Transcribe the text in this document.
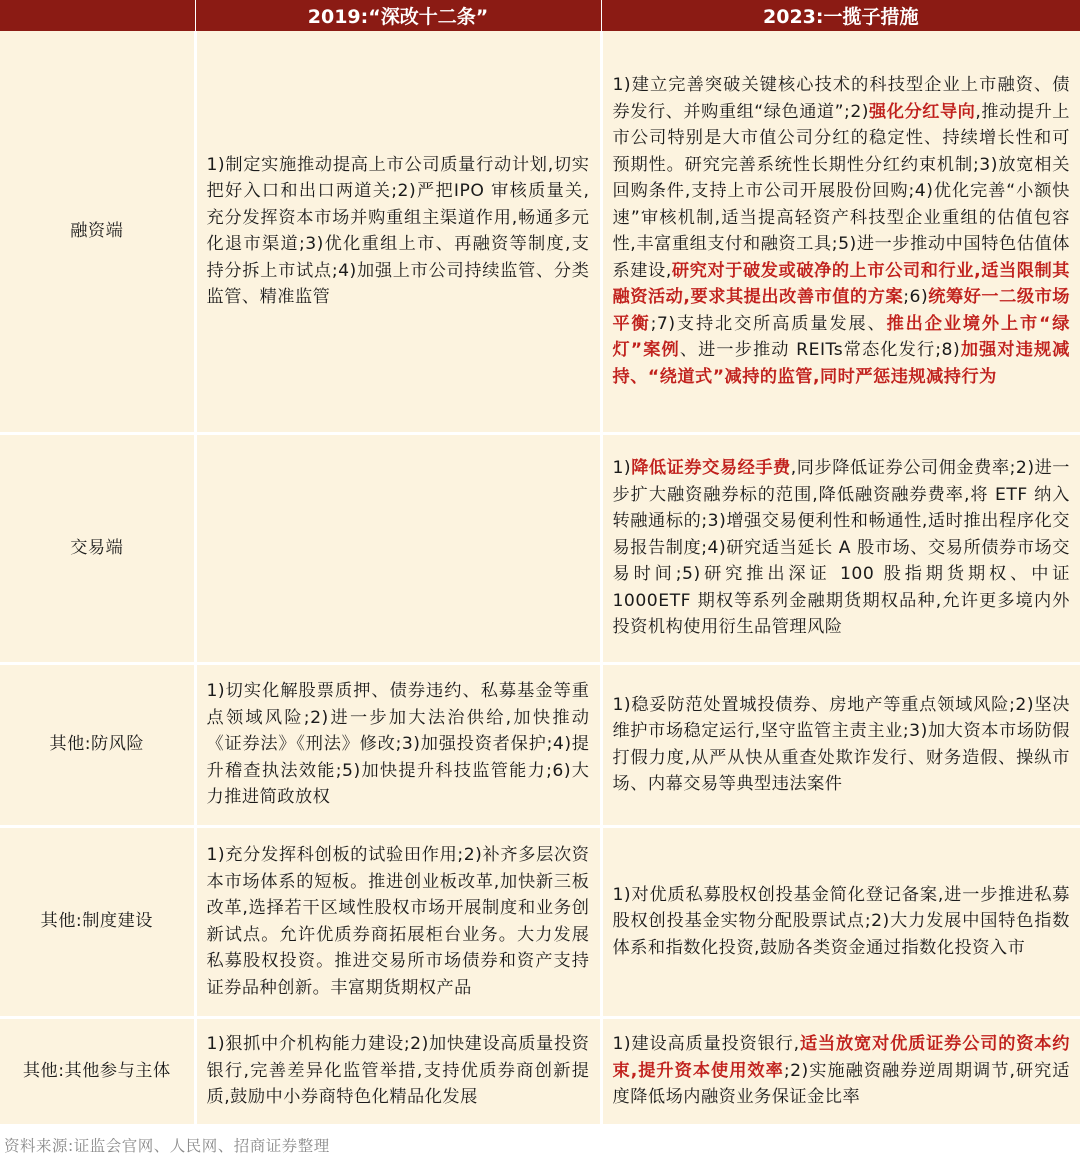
	2019:“深改十二条”	2023:一揽子措施
融资端	1)制定实施推动提高上市公司质量行动计划,切实把好入口和出口两道关;2)严把IPO 审核质量关,充分发挥资本市场并购重组主渠道作用,畅通多元化退市渠道;3)优化重组上市、再融资等制度,支持分拆上市试点;4)加强上市公司持续监管、分类监管、精准监管	1)建立完善突破关键核心技术的科技型企业上市融资、债券发行、并购重组“绿色通道”;2)强化分红导向,推动提升上市公司特别是大市值公司分红的稳定性、持续增长性和可预期性。研究完善系统性长期性分红约束机制;3)放宽相关回购条件,支持上市公司开展股份回购;4)优化完善“小额快速”审核机制,适当提高轻资产科技型企业重组的估值包容性,丰富重组支付和融资工具;5)进一步推动中国特色估值体系建设,研究对于破发或破净的上市公司和行业,适当限制其融资活动,要求其提出改善市值的方案;6)统筹好一二级市场平衡;7)支持北交所高质量发展、推出企业境外上市“绿灯”案例、进一步推动 REITs常态化发行;8)加强对违规减持、“绕道式”减持的监管,同时严惩违规减持行为
交易端		1)降低证券交易经手费,同步降低证券公司佣金费率;2)进一步扩大融资融券标的范围,降低融资融券费率,将 ETF 纳入转融通标的;3)增强交易便利性和畅通性,适时推出程序化交易报告制度;4)研究适当延长 A 股市场、交易所债券市场交易时间;5)研究推出深证 100 股指期货期权、中证 1000ETF 期权等系列金融期货期权品种,允许更多境内外投资机构使用衍生品管理风险
其他:防风险	1)切实化解股票质押、债券违约、私募基金等重点领域风险;2)进一步加大法治供给,加快推动《证券法》《刑法》修改;3)加强投资者保护;4)提升稽查执法效能;5)加快提升科技监管能力;6)大力推进简政放权	1)稳妥防范处置城投债券、房地产等重点领域风险;2)坚决维护市场稳定运行,坚守监管主责主业;3)加大资本市场防假打假力度,从严从快从重查处欺诈发行、财务造假、操纵市场、内幕交易等典型违法案件
其他:制度建设	1)充分发挥科创板的试验田作用;2)补齐多层次资本市场体系的短板。推进创业板改革,加快新三板改革,选择若干区域性股权市场开展制度和业务创新试点。允许优质券商拓展柜台业务。大力发展私募股权投资。推进交易所市场债券和资产支持证券品种创新。丰富期货期权产品	1)对优质私募股权创投基金简化登记备案,进一步推进私募股权创投基金实物分配股票试点;2)大力发展中国特色指数体系和指数化投资,鼓励各类资金通过指数化投资入市
其他:其他参与主体	1)狠抓中介机构能力建设;2)加快建设高质量投资银行,完善差异化监管举措,支持优质券商创新提质,鼓励中小券商特色化精品化发展	1)建设高质量投资银行,适当放宽对优质证券公司的资本约束,提升资本使用效率;2)实施融资融券逆周期调节,研究适度降低场内融资业务保证金比率
资料来源:证监会官网、人民网、招商证券整理
